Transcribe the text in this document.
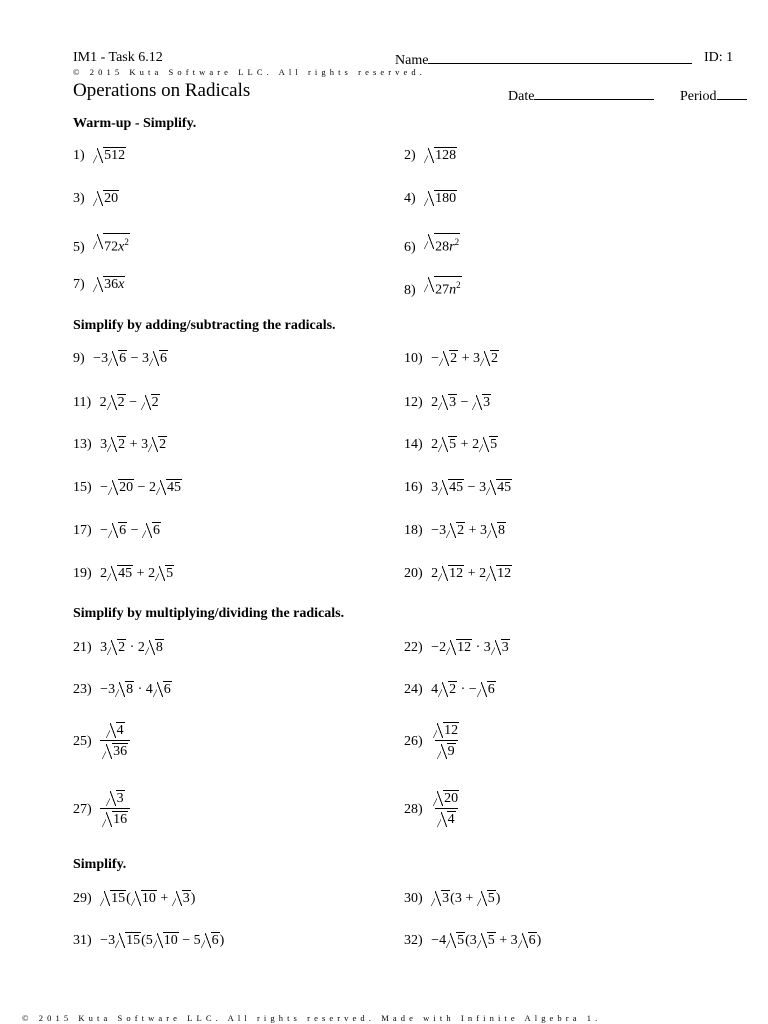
IM1 - Task 6.12	Name	ID: 1
© 2015 Kuta Software LLC. All rights reserved.
Operations on Radicals	Date	Period
Warm-up - Simplify.
Simplify by adding/subtracting the radicals.
Simplify by multiplying/dividing the radicals.
Simplify.
1) 512	2) 128
3) 20	4) 180
5) $72x^2$	6) $28r^2$
7) 36x	8) $27n^2$
9) −3 6 − 3 6	10) − 2 + 3 2
11) 2 2 − 2	12) 2 3 − 3
13) 3 2 + 3 2	14) 2 5 + 2 5
15) − 20 − 2 45	16) 3 45 − 3 45
17) − 6 − 6	18) −3 2 + 3 8
19) 2 45 + 2 5	20) 2 12 + 2 12
21) 3 2 · 2 8	22) −2 12 · 3 3
23) −3 8 · 4 6	24) 4 2 · − 6
$25) \frac{4}{36}$	$26) \frac{12}{9}$
$27) \frac{3}{16}$	$28) \frac{20}{4}$
29) 15( 10 + 3)	30) 3(3 + 5)
31) −3 15(5 10 − 5 6)	32) −4 5(3 5 + 3 6)
© 2015 Kuta Software LLC. All rights reserved. Made with Infinite Algebra 1.
